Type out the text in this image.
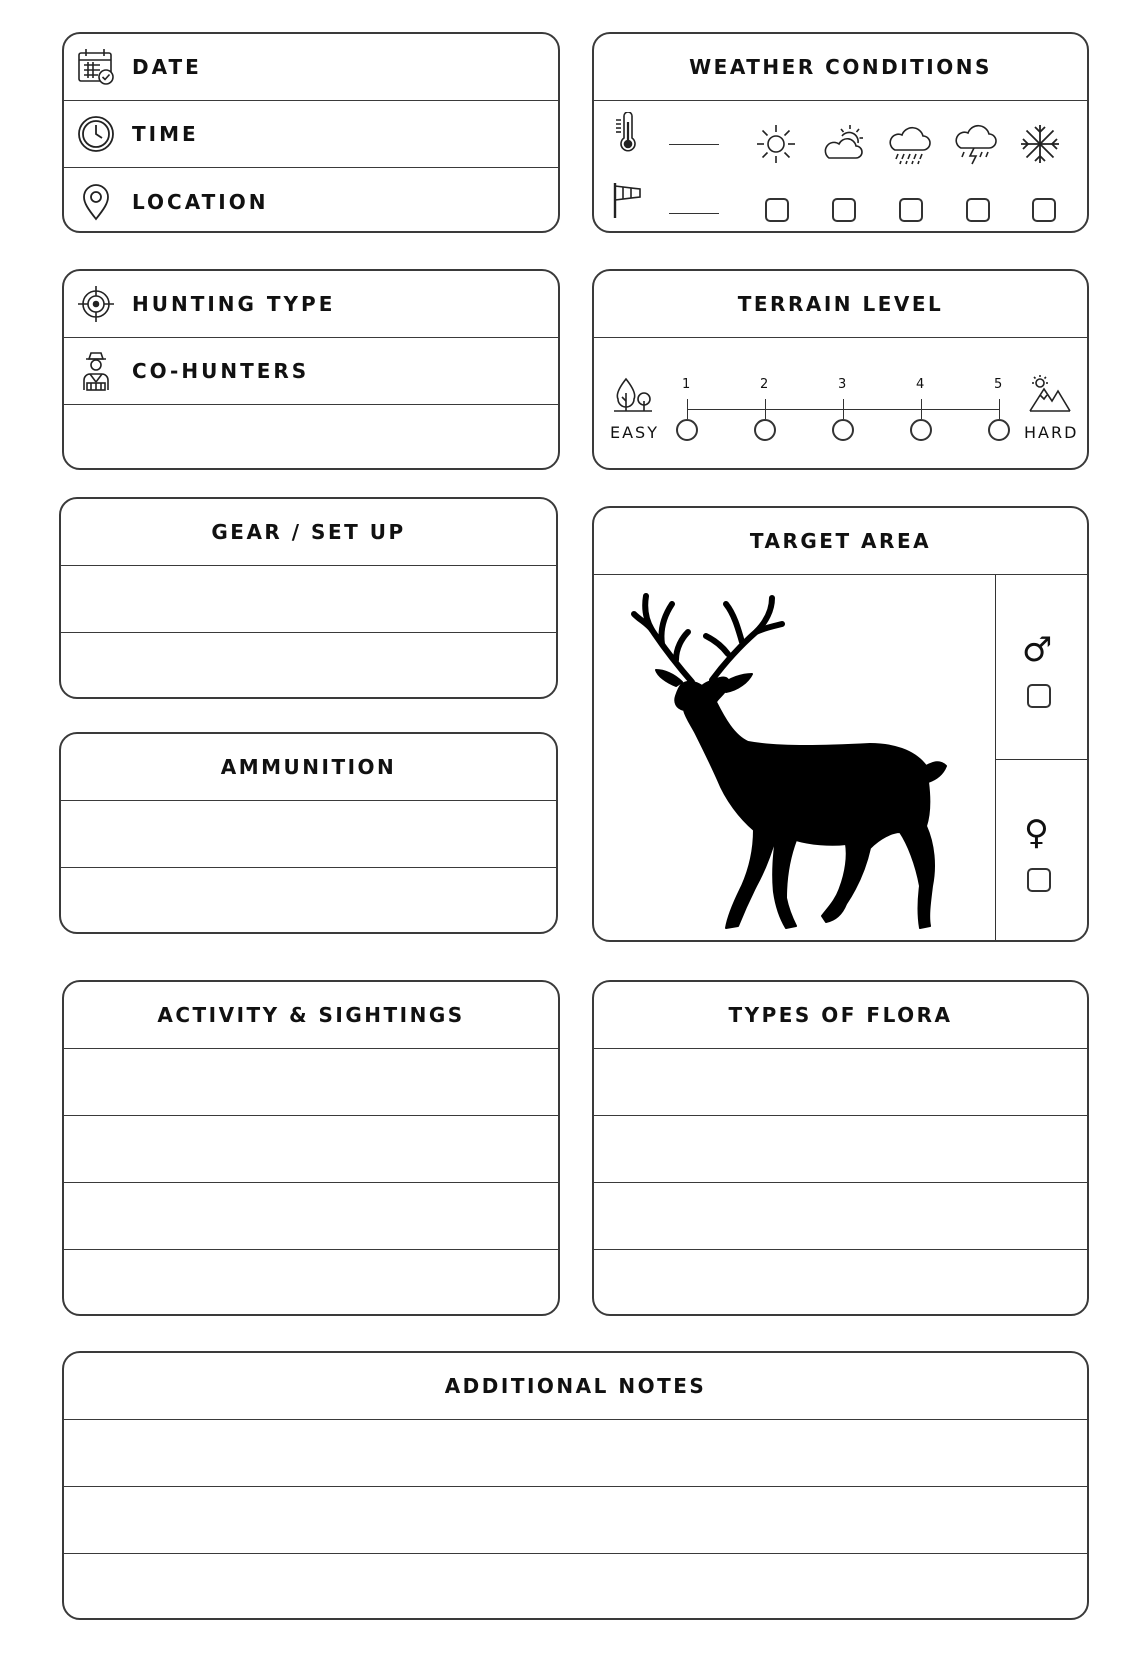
DATE
TIME
LOCATION
WEATHER CONDITIONS
HUNTING TYPE
CO-HUNTERS
TERRAIN LEVEL
EASY
1	2	3	4	5
HARD
GEAR / SET UP
AMMUNITION
TARGET AREA
♂
♀
ACTIVITY & SIGHTINGS	TYPES OF FLORA
ADDITIONAL NOTES
